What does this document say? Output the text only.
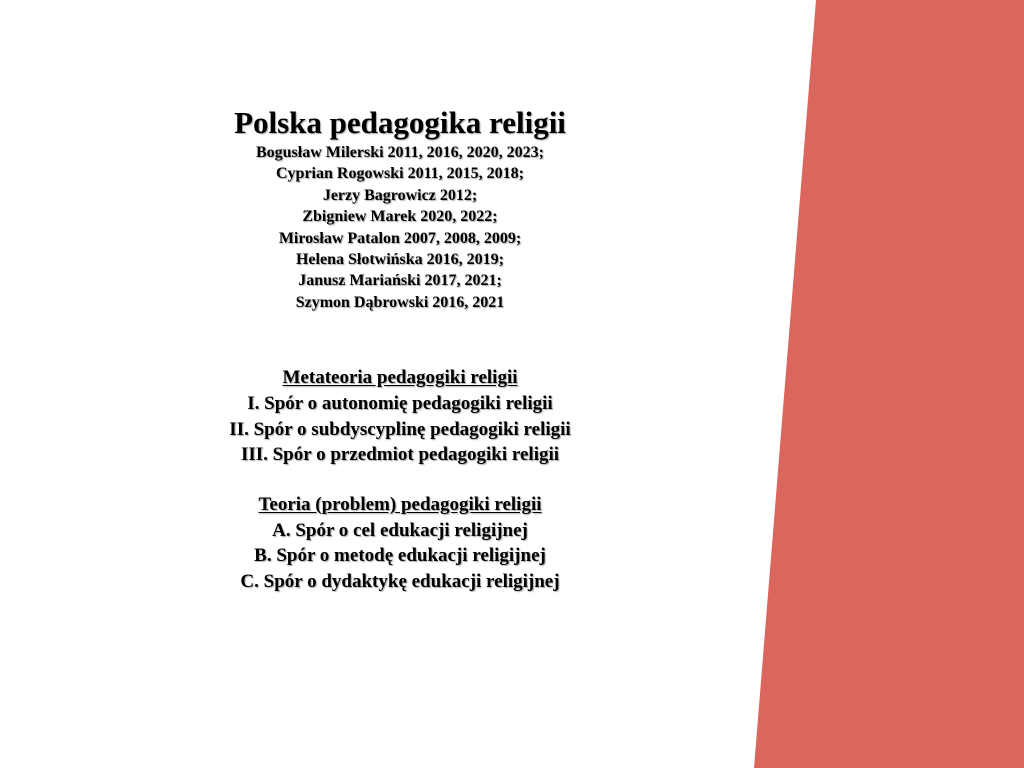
Polska pedagogika religii
Bogusław Milerski 2011, 2016, 2020, 2023;
Cyprian Rogowski 2011, 2015, 2018;
Jerzy Bagrowicz 2012;
Zbigniew Marek 2020, 2022;
Mirosław Patalon 2007, 2008, 2009;
Helena Słotwińska 2016, 2019;
Janusz Mariański 2017, 2021;
Szymon Dąbrowski 2016, 2021
Metateoria pedagogiki religii
I. Spór o autonomię pedagogiki religii
II. Spór o subdyscyplinę pedagogiki religii
III. Spór o przedmiot pedagogiki religii
Teoria (problem) pedagogiki religii
A. Spór o cel edukacji religijnej
B. Spór o metodę edukacji religijnej
C. Spór o dydaktykę edukacji religijnej
